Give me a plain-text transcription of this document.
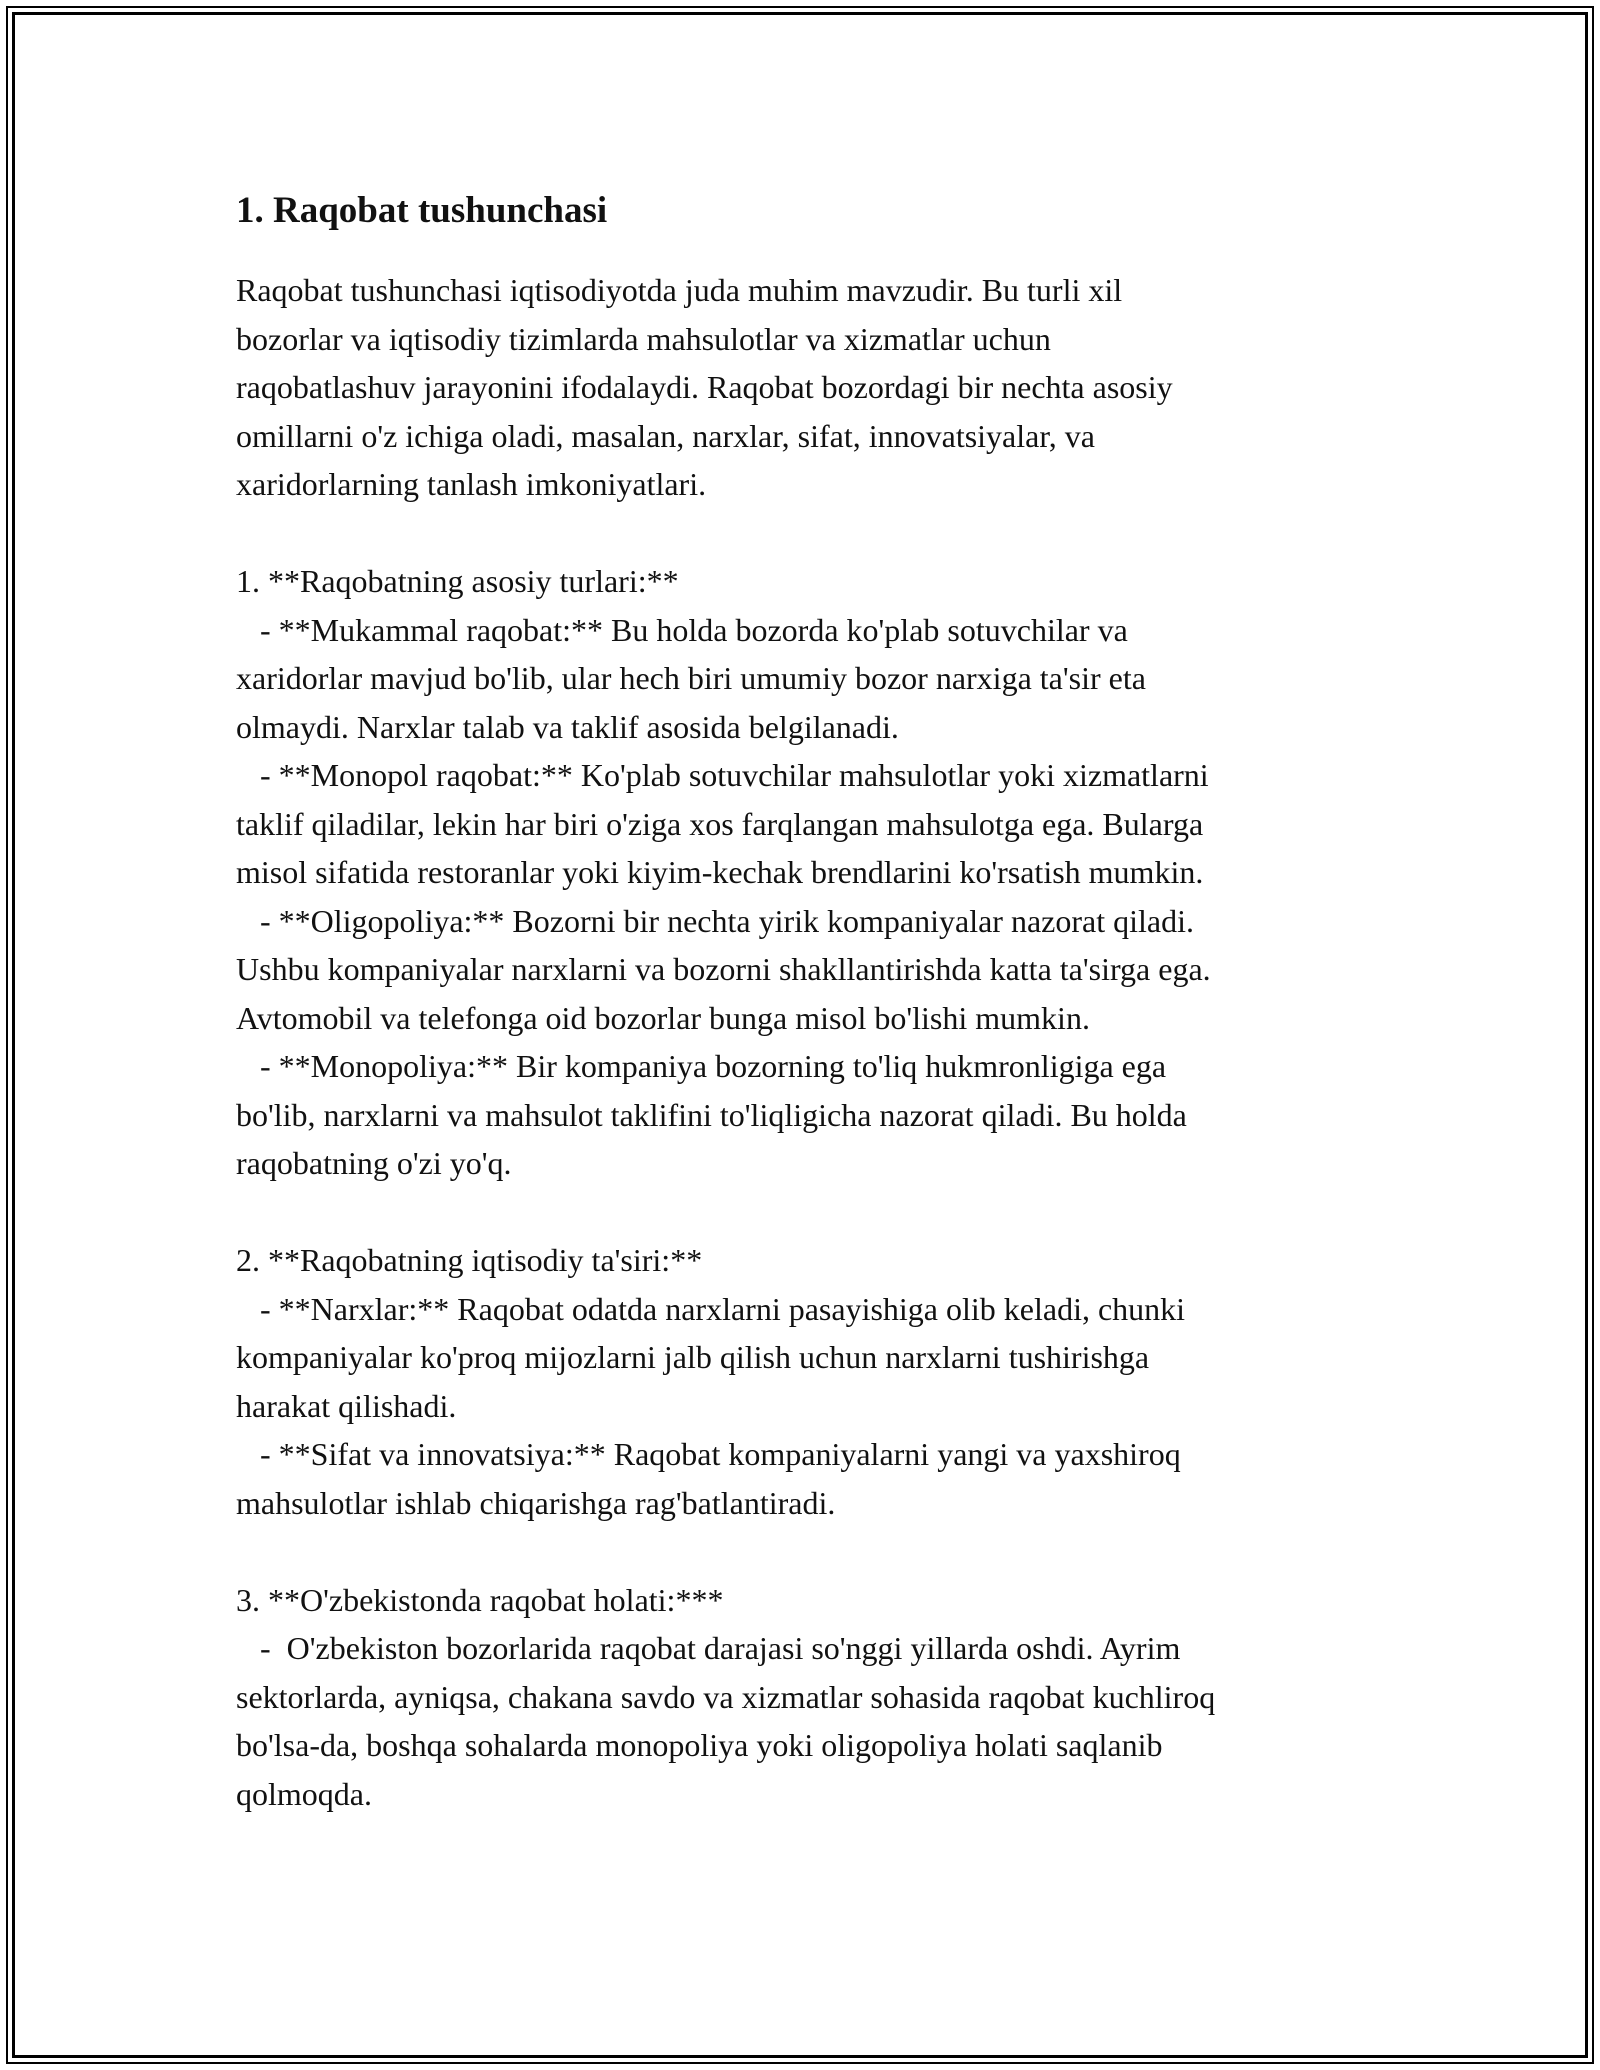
1. Raqobat tushunchasi

Raqobat tushunchasi iqtisodiyotda juda muhim mavzudir. Bu turli xil
bozorlar va iqtisodiy tizimlarda mahsulotlar va xizmatlar uchun
raqobatlashuv jarayonini ifodalaydi. Raqobat bozordagi bir nechta asosiy
omillarni o'z ichiga oladi, masalan, narxlar, sifat, innovatsiyalar, va
xaridorlarning tanlash imkoniyatlari.

1. **Raqobatning asosiy turlari:**

- **Mukammal raqobat:** Bu holda bozorda ko'plab sotuvchilar va
xaridorlar mavjud bo'lib, ular hech biri umumiy bozor narxiga ta'sir eta
olmaydi. Narxlar talab va taklif asosida belgilanadi.

- **Monopol raqobat:** Ko'plab sotuvchilar mahsulotlar yoki xizmatlarni
taklif qiladilar, lekin har biri o'ziga xos farqlangan mahsulotga ega. Bularga
misol sifatida restoranlar yoki kiyim-kechak brendlarini ko'rsatish mumkin.

- **Oligopoliya:** Bozorni bir nechta yirik kompaniyalar nazorat qiladi.
Ushbu kompaniyalar narxlarni va bozorni shakllantirishda katta ta'sirga ega.
Avtomobil va telefonga oid bozorlar bunga misol bo'lishi mumkin.

- **Monopoliya:** Bir kompaniya bozorning to'liq hukmronligiga ega
bo'lib, narxlarni va mahsulot taklifini to'liqligicha nazorat qiladi. Bu holda
raqobatning o'zi yo'q.

2. **Raqobatning iqtisodiy ta'siri:**

- **Narxlar:** Raqobat odatda narxlarni pasayishiga olib keladi, chunki
kompaniyalar ko'proq mijozlarni jalb qilish uchun narxlarni tushirishga
harakat qilishadi.

- **Sifat va innovatsiya:** Raqobat kompaniyalarni yangi va yaxshiroq
mahsulotlar ishlab chiqarishga rag'batlantiradi.

3. **O'zbekistonda raqobat holati:***

-  O'zbekiston bozorlarida raqobat darajasi so'nggi yillarda oshdi. Ayrim
sektorlarda, ayniqsa, chakana savdo va xizmatlar sohasida raqobat kuchliroq
bo'lsa-da, boshqa sohalarda monopoliya yoki oligopoliya holati saqlanib
qolmoqda.
